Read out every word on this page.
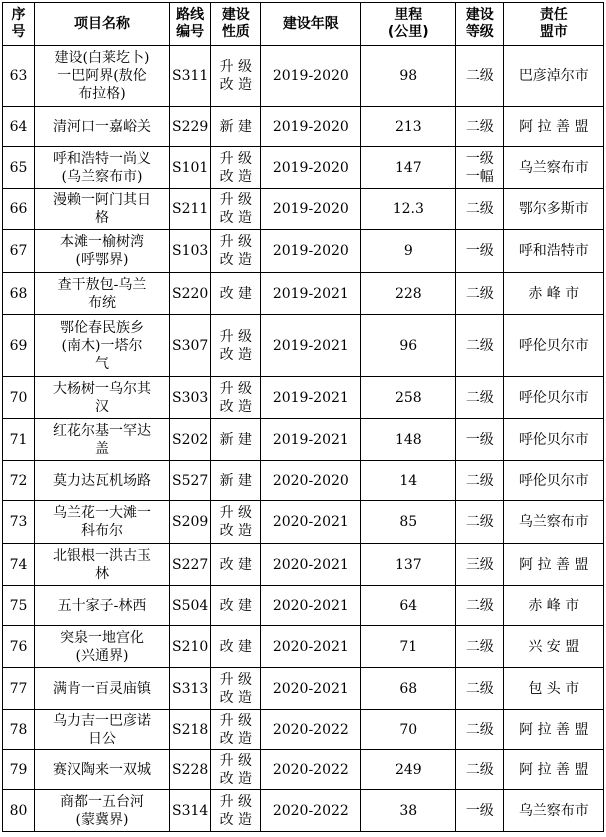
序
号	项目名称	路线
编号	建设
性质	建设年限	里程
(公里)	建设
等级	责任
盟市

63	建设(白莱圪卜)
一巴阿界(敖伦
布拉格)	S311	升 级
改 造	2019-2020	98	二级	巴彦淖尔市
64	清河口一嘉峪关	S229	新 建	2019-2020	213	二级	阿 拉 善 盟
65	呼和浩特一尚义
(乌兰察布市)	S101	升 级
改 造	2019-2020	147	一级
一幅	乌兰察布市
66	漫赖一阿门其日
格	S211	升 级
改 造	2019-2020	12.3	二级	鄂尔多斯市
67	本滩一榆树湾
(呼鄂界)	S103	升 级
改 造	2019-2020	9	一级	呼和浩特市
68	查干敖包-乌兰
布统	S220	改 建	2019-2021	228	二级	赤 峰 市
69	鄂伦春民族乡
(南木)一塔尔
气	S307	升 级
改 造	2019-2021	96	二级	呼伦贝尔市
70	大杨树一乌尔其
汉	S303	升 级
改 造	2019-2021	258	二级	呼伦贝尔市
71	红花尔基一罕达
盖	S202	新 建	2019-2021	148	一级	呼伦贝尔市
72	莫力达瓦机场路	S527	新 建	2020-2020	14	二级	呼伦贝尔市
73	乌兰花一大滩一
科布尔	S209	升 级
改 造	2020-2021	85	二级	乌兰察布市
74	北银根一洪古玉
林	S227	改 建	2020-2021	137	三级	阿 拉 善 盟
75	五十家子-林西	S504	改 建	2020-2021	64	二级	赤 峰 市
76	突泉一地宫化
(兴通界)	S210	改 建	2020-2021	71	二级	兴 安 盟
77	满肯一百灵庙镇	S313	升 级
改 造	2020-2021	68	二级	包 头 市
78	乌力吉一巴彦诺
日公	S218	升 级
改 造	2020-2022	70	二级	阿 拉 善 盟
79	赛汉陶来一双城	S228	升 级
改 造	2020-2022	249	二级	阿 拉 善 盟
80	商都一五台河
(蒙冀界)	S314	升 级
改 造	2020-2022	38	一级	乌兰察布市
